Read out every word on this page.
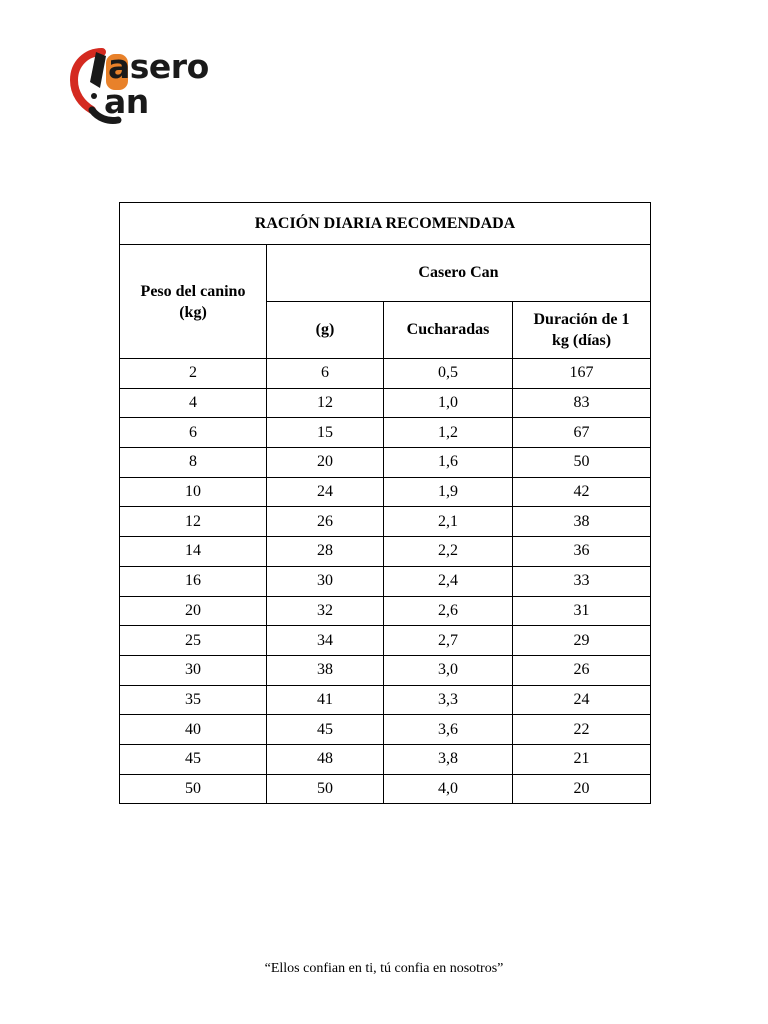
asero
an
RACIÓN DIARIA RECOMENDADA			
Peso del canino (kg)	Casero Can		
	(g)	Cucharadas	Duración de 1 kg (días)
2	6	0,5	167
4	12	1,0	83
6	15	1,2	67
8	20	1,6	50
10	24	1,9	42
12	26	2,1	38
14	28	2,2	36
16	30	2,4	33
20	32	2,6	31
25	34	2,7	29
30	38	3,0	26
35	41	3,3	24
40	45	3,6	22
45	48	3,8	21
50	50	4,0	20
“Ellos confian en ti, tú confia en nosotros”
